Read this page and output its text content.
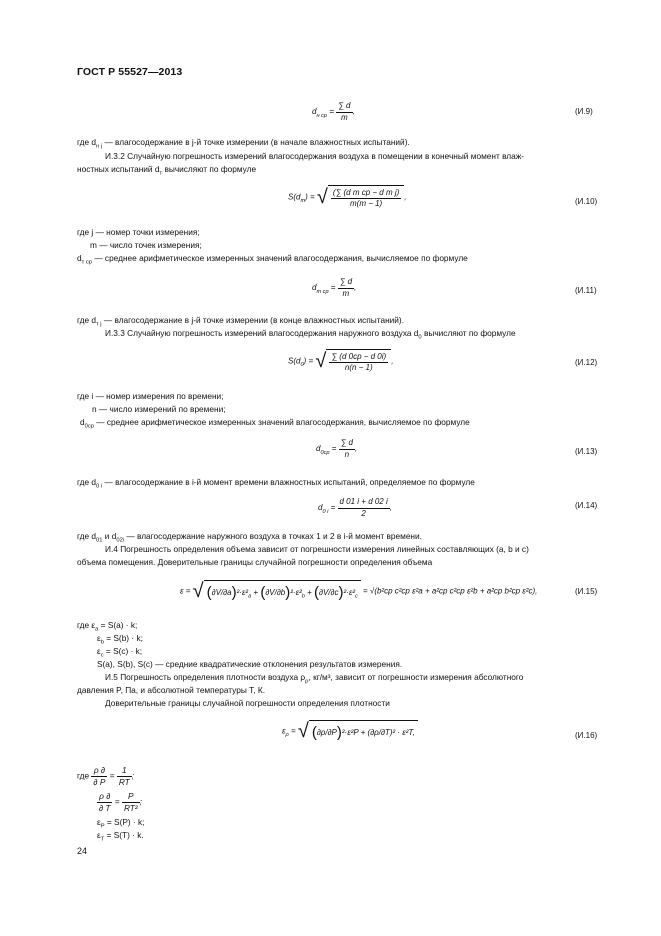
ГОСТ Р 55527—2013
$d_{н ср} = \frac{\sum d}{m}$ ,	(И.9)
где $d_{н j}$ — влагосодержание в j-й точке измерении (в начале влажностных испытаний).
И.3.2 Случайную погрешность измерений влагосодержания воздуха в помещении в конечный момент влаж-
ностных испытаний $d_т$ вычисляют по формуле
$S(d_т)$ = √ $\frac{\text{(∑ (d т ср − d т j)}}{m(m - 1)}$ ,
(И.10)
где j — номер точки измерения;
m — число точек измерения;
$d_{т ср}$ — среднее арифметическое измеренных значений влагосодержания, вычисляемое по формуле
$d_{т ср} = \frac{\sum d}{m}$ ,	(И.11)
где $d_{т j}$ — влагосодержание в j-й точке измерении (в конце влажностных испытаний).
И.3.3 Случайную погрешность измерений влагосодержания наружного воздуха $d_0$ вычисляют по формуле
$S(d_0)$ = √ $\frac{\sum (d 0ср - d 0i)}{n(n - 1)}$ ,	(И.12)
где i — номер измерения по времени;
n — число измерений по времени;
$d_{0ср}$ — среднее арифметическое измеренных значений влагосодержания, вычисляемое по формуле
$d_{0ср} = \frac{\sum d}{n}$ ,	(И.13)
где $d_{0 i}$ — влагосодержание в i-й момент времени влажностных испытаний, определяемое по формуле
$d_{0 i} = \frac{d 01 i + d 02 i}{2}$ ,	(И.14)
где $d_{01}$ и $d_{02i}$ — влагосодержание наружного воздуха в точках 1 и 2 в i-й момент времени.
И.4 Погрешность определения объема зависит от погрешности измерения линейных составляющих (a, b и c)
объема помещения. Доверительные границы случайной погрешности определения объема
ε = √ $(\partial V/\partial a)^2\cdot\varepsilon^2_a + (\partial V/\partial b)^2\cdot\varepsilon^2_b + (\partial V/\partial c)^2\cdot\varepsilon^2_c = √(b^2ср$ c²ср ε²a + a²ср c²ср ε²b + a²ср b²ср ε²c),	(И.15)
где $\varepsilon_a = S(a) \cdot k$;
$\varepsilon_b = S(b) \cdot k$;
$\varepsilon_c = S(c) \cdot k$;
S(a), S(b), S(c) — средние квадратические отклонения результатов измерения.
И.5 Погрешность определения плотности воздуха $\rho_\rho$, кг/м³, зависит от погрешности измерения абсолютного
давления P, Па, и абсолютной температуры T, К.
Доверительные границы случайной погрешности определения плотности
$\varepsilon_\rho$ = √ (∂ρ/∂P)²·ε²P + (∂ρ/∂T)² · ε²T,	(И.16)
где $\frac{\rho \partial}{\partial P} = \frac{1}{RT}$ ;
$\frac{\rho \partial}{\partial T} = \frac{P}{\text{RT²}}$ ;
$\varepsilon_P = S(P) \cdot k$;
$\varepsilon_T = S(T) \cdot k$.
24
